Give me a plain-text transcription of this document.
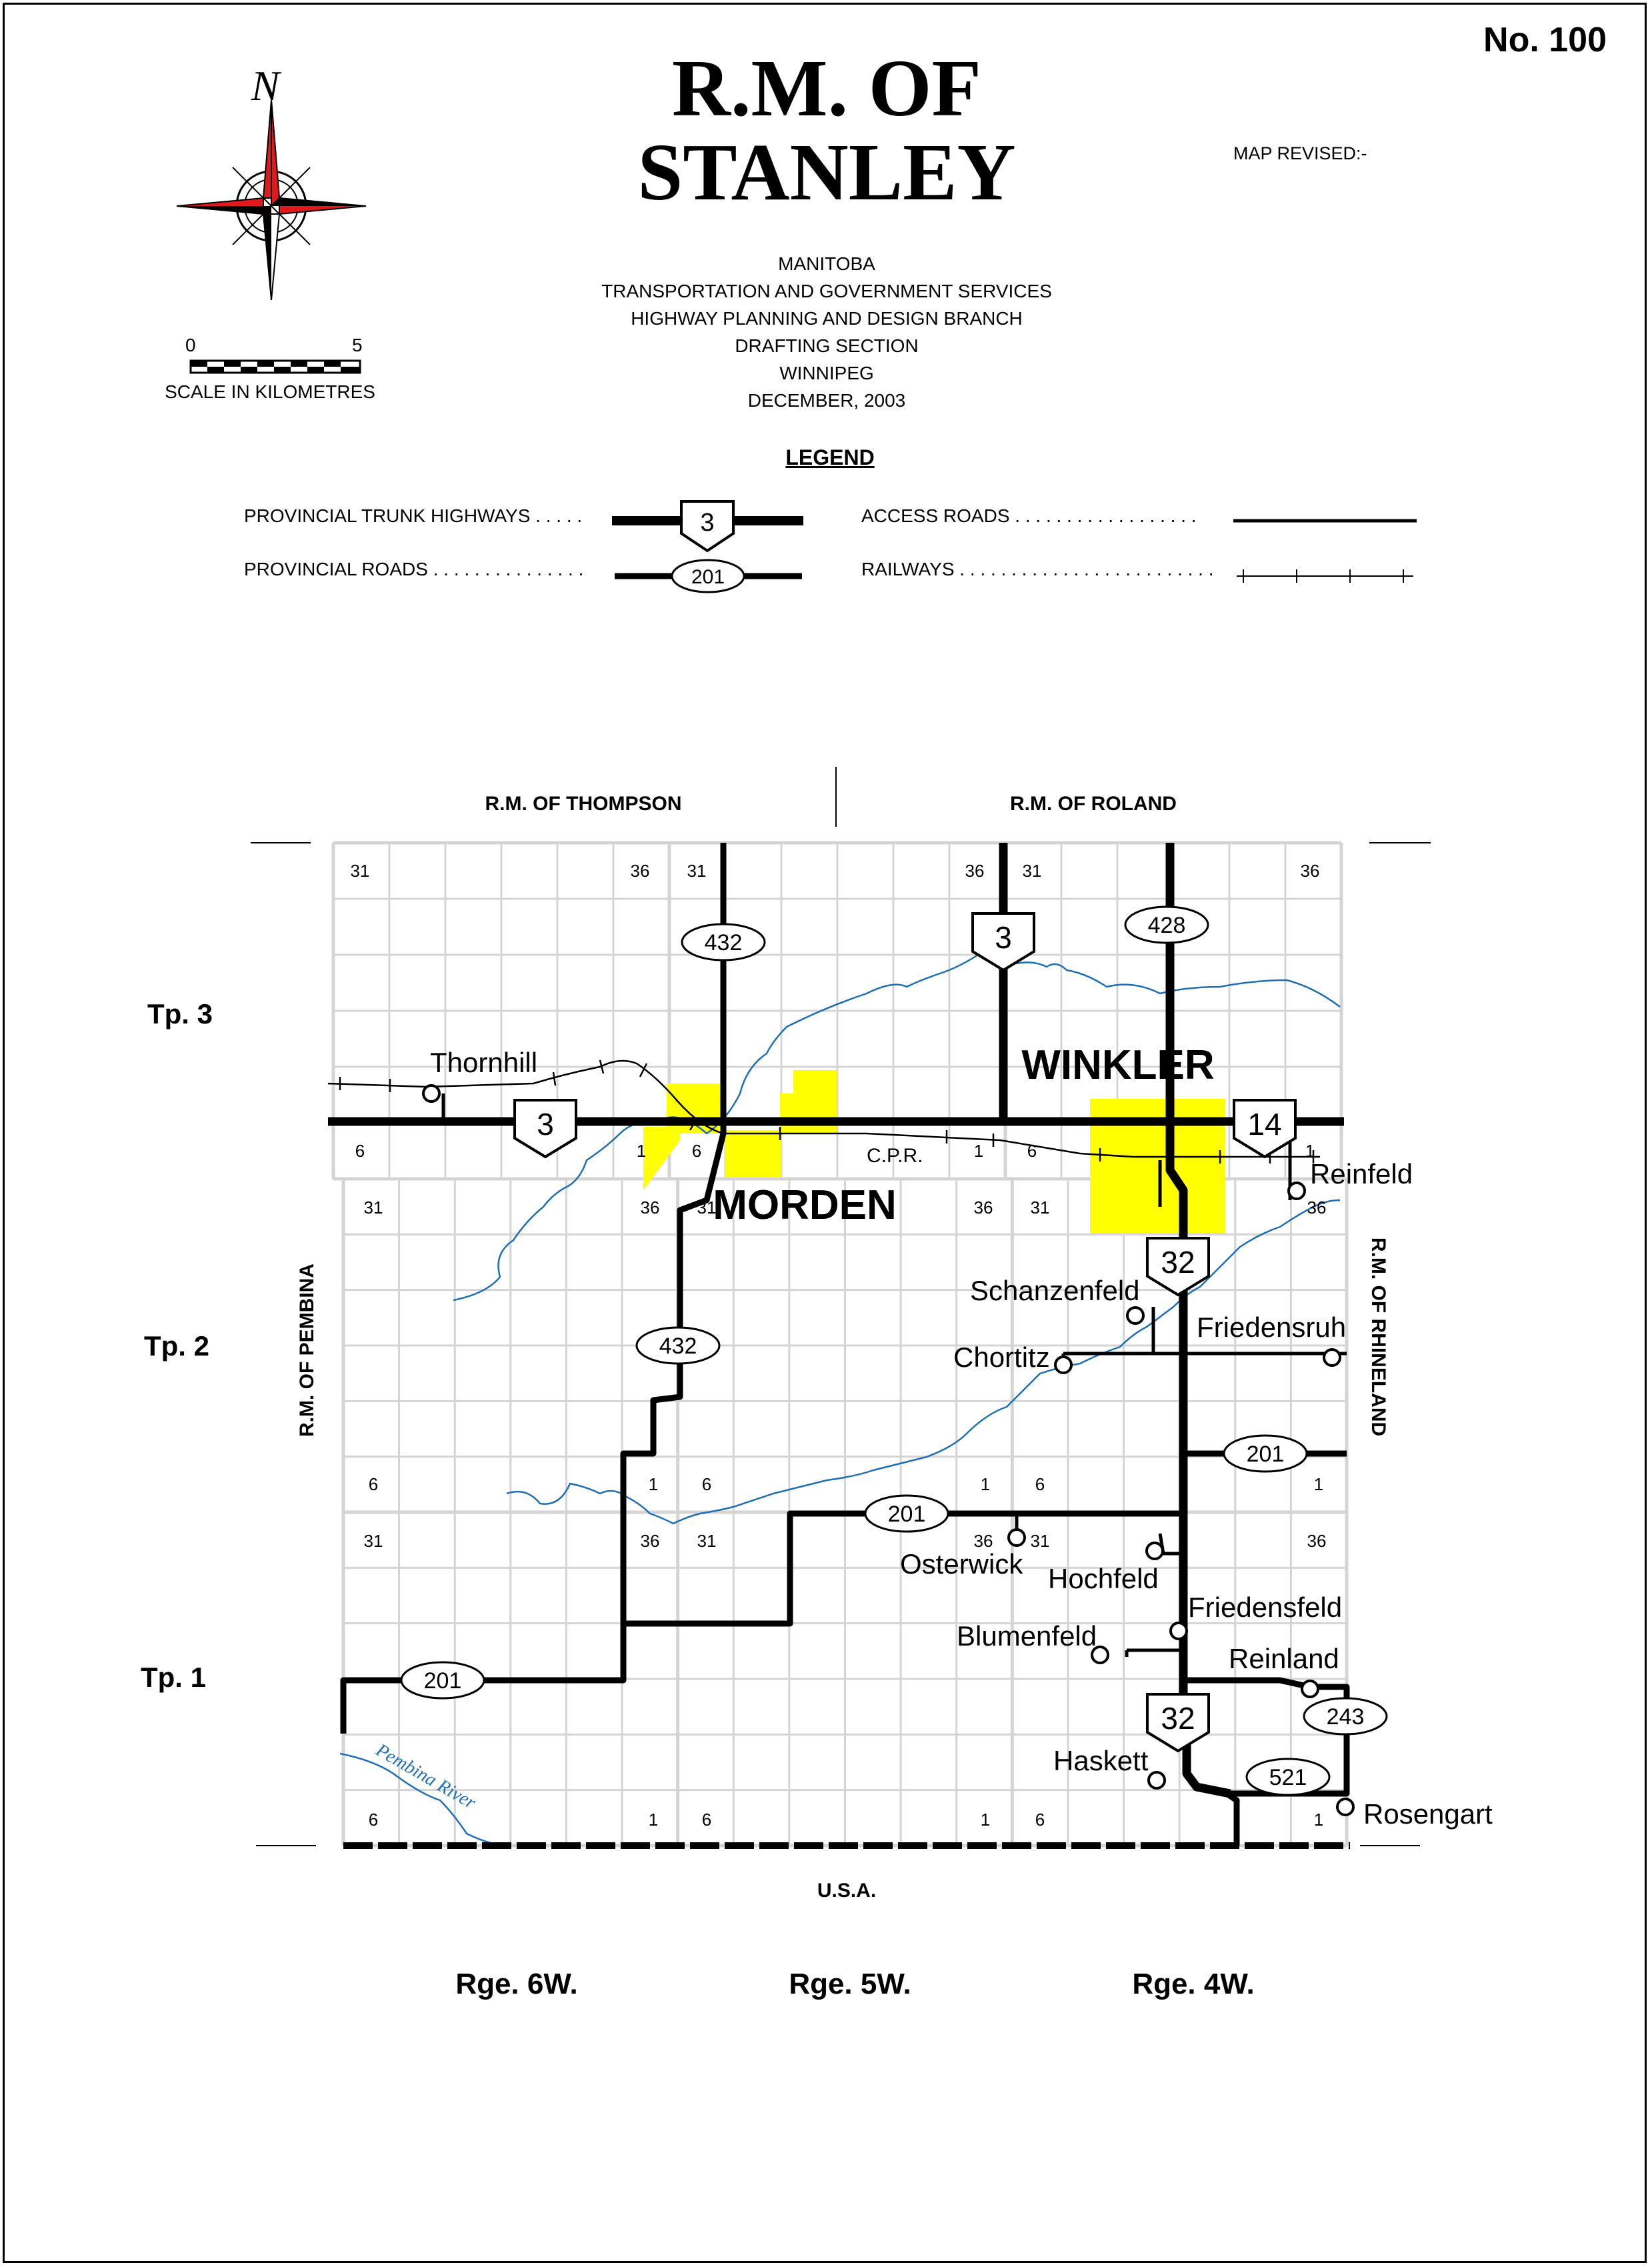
No. 100
R.M. OF
STANLEY	MAP REVISED:-
MANITOBA
TRANSPORTATION AND GOVERNMENT SERVICES
HIGHWAY PLANNING AND DESIGN BRANCH
DRAFTING SECTION
WINNIPEG
DECEMBER, 2003
0	5
SCALE IN KILOMETRES
LEGEND
PROVINCIAL TRUNK HIGHWAYS . . . . .
PROVINCIAL ROADS . . . . . . . . . . . . . . .
ACCESS ROADS . . . . . . . . . . . . . . . . . .
RAILWAYS . . . . . . . . . . . . . . . . . . . . . . . . .
N
3
201
3
3
14
32
32
432
432
428
201
201
201
243
521
R.M. OF THOMPSON	R.M. OF ROLAND
U.S.A.
R.M. OF PEMBINA	R.M. OF RHINELAND
Tp. 3
Tp. 2
Tp. 1
Rge. 6W.	Rge. 5W.	Rge. 4W.
MORDEN
WINKLER
Thornhill
Reinfeld
Schanzenfeld
Friedensruh
Chortitz
Osterwick Hochfeld
Friedensfeld
Blumenfeld
Reinland
Haskett
Rosengart
C.P.R.
Pembina River
31	36 31	36 31	36
6	1	6	1	6	1
31	36 31	36 31	36
6	1	6	1	6	1
31	36 31	36 31	36
6	1	6	1	6	1
